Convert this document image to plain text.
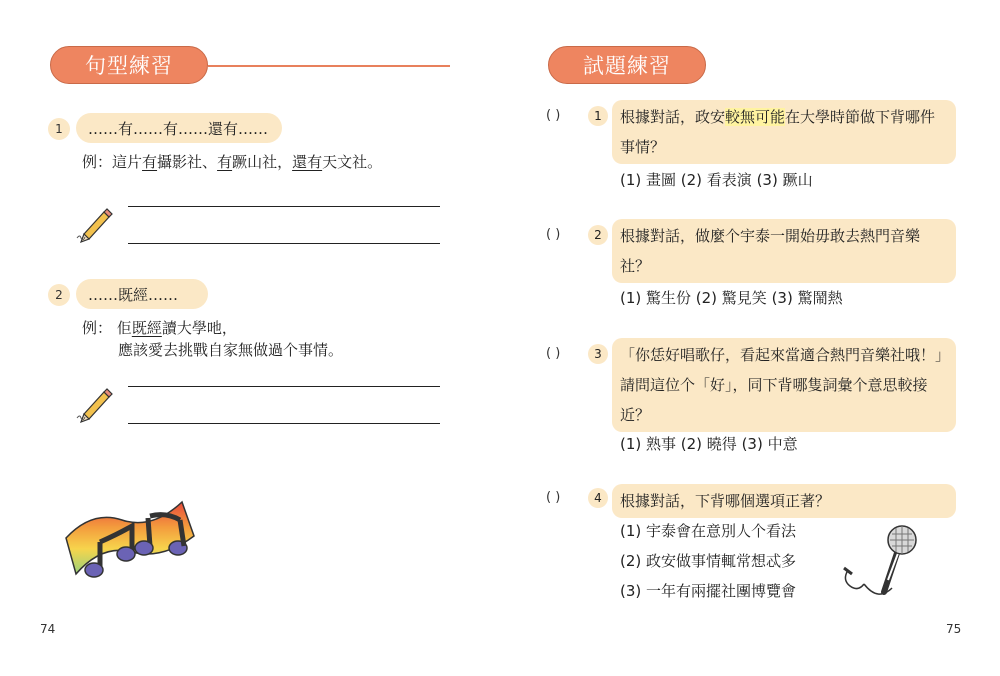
句型練習
1	……有……有……還有……
例：這片有攝影社、有蹶山社，還有天文社。
2	……既經……
例： 佢既經讀大學吔，
應該愛去挑戰自家無做過个事情。
74
試題練習
( )	1	根據對話，政安較無可能在大學時節做下背哪件事情？
(1) 畫圖 (2) 看表演 (3) 蹶山
( )	2	根據對話，做麼个宇泰一開始毋敢去熱門音樂社？
(1) 驚生份 (2) 驚見笑 (3) 驚鬧熱
( )	3	「你恁好唱歌仔，看起來當適合熱門音樂社哦！」請問這位个「好」，同下背哪隻詞彙个意思較接近？
(1) 熟事 (2) 曉得 (3) 中意
( )	4	根據對話，下背哪個選項正著？
(1) 宇泰會在意別人个看法
(2) 政安做事情輒常想忒多
(3) 一年有兩擺社團博覽會
75
